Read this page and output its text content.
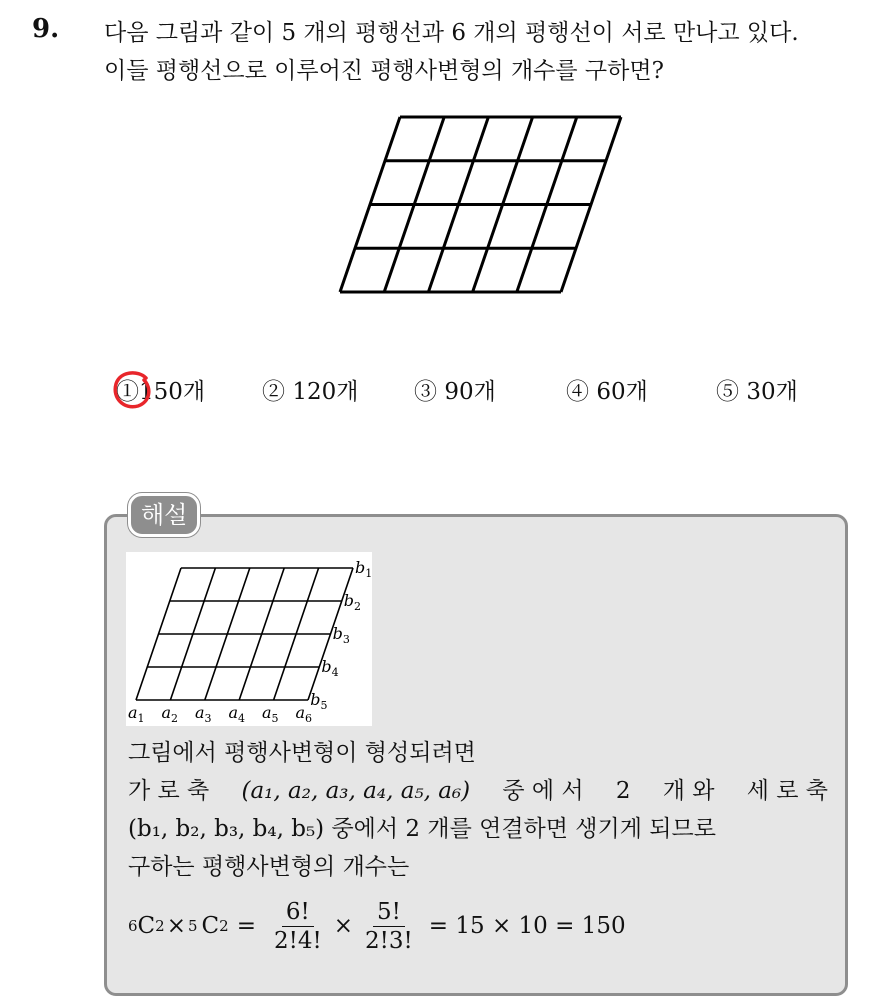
9. 다음 그림과 같이 5 개의 평행선과 6 개의 평행선이 서로 만나고 있다.
이들 평행선으로 이루어진 평행사변형의 개수를 구하면?
①150개 ② 120개 ③ 90개	④ 60개	⑤ 30개
해설
$a_1$ $a_2$ $a_3$ $a_4$ $a_5$ $a_6$
$b_1$
$b_2$
$b_3$
$b_4$
$b_5$
그림에서 평행사변형이 형성되려면
가 로 축 (a₁, a₂, a₃, a₄, a₅, a₆) 중 에 서 2 개 와 세 로 축
(b₁, b₂, b₃, b₄, b₅) 중에서 2 개를 연결하면 생기게 되므로
구하는 평행사변형의 개수는
6 C 2 × 5 C $2 = \frac{6!}{2!4!} \times \frac{5!}{2!3!} = 15 \times 10 = 150$
